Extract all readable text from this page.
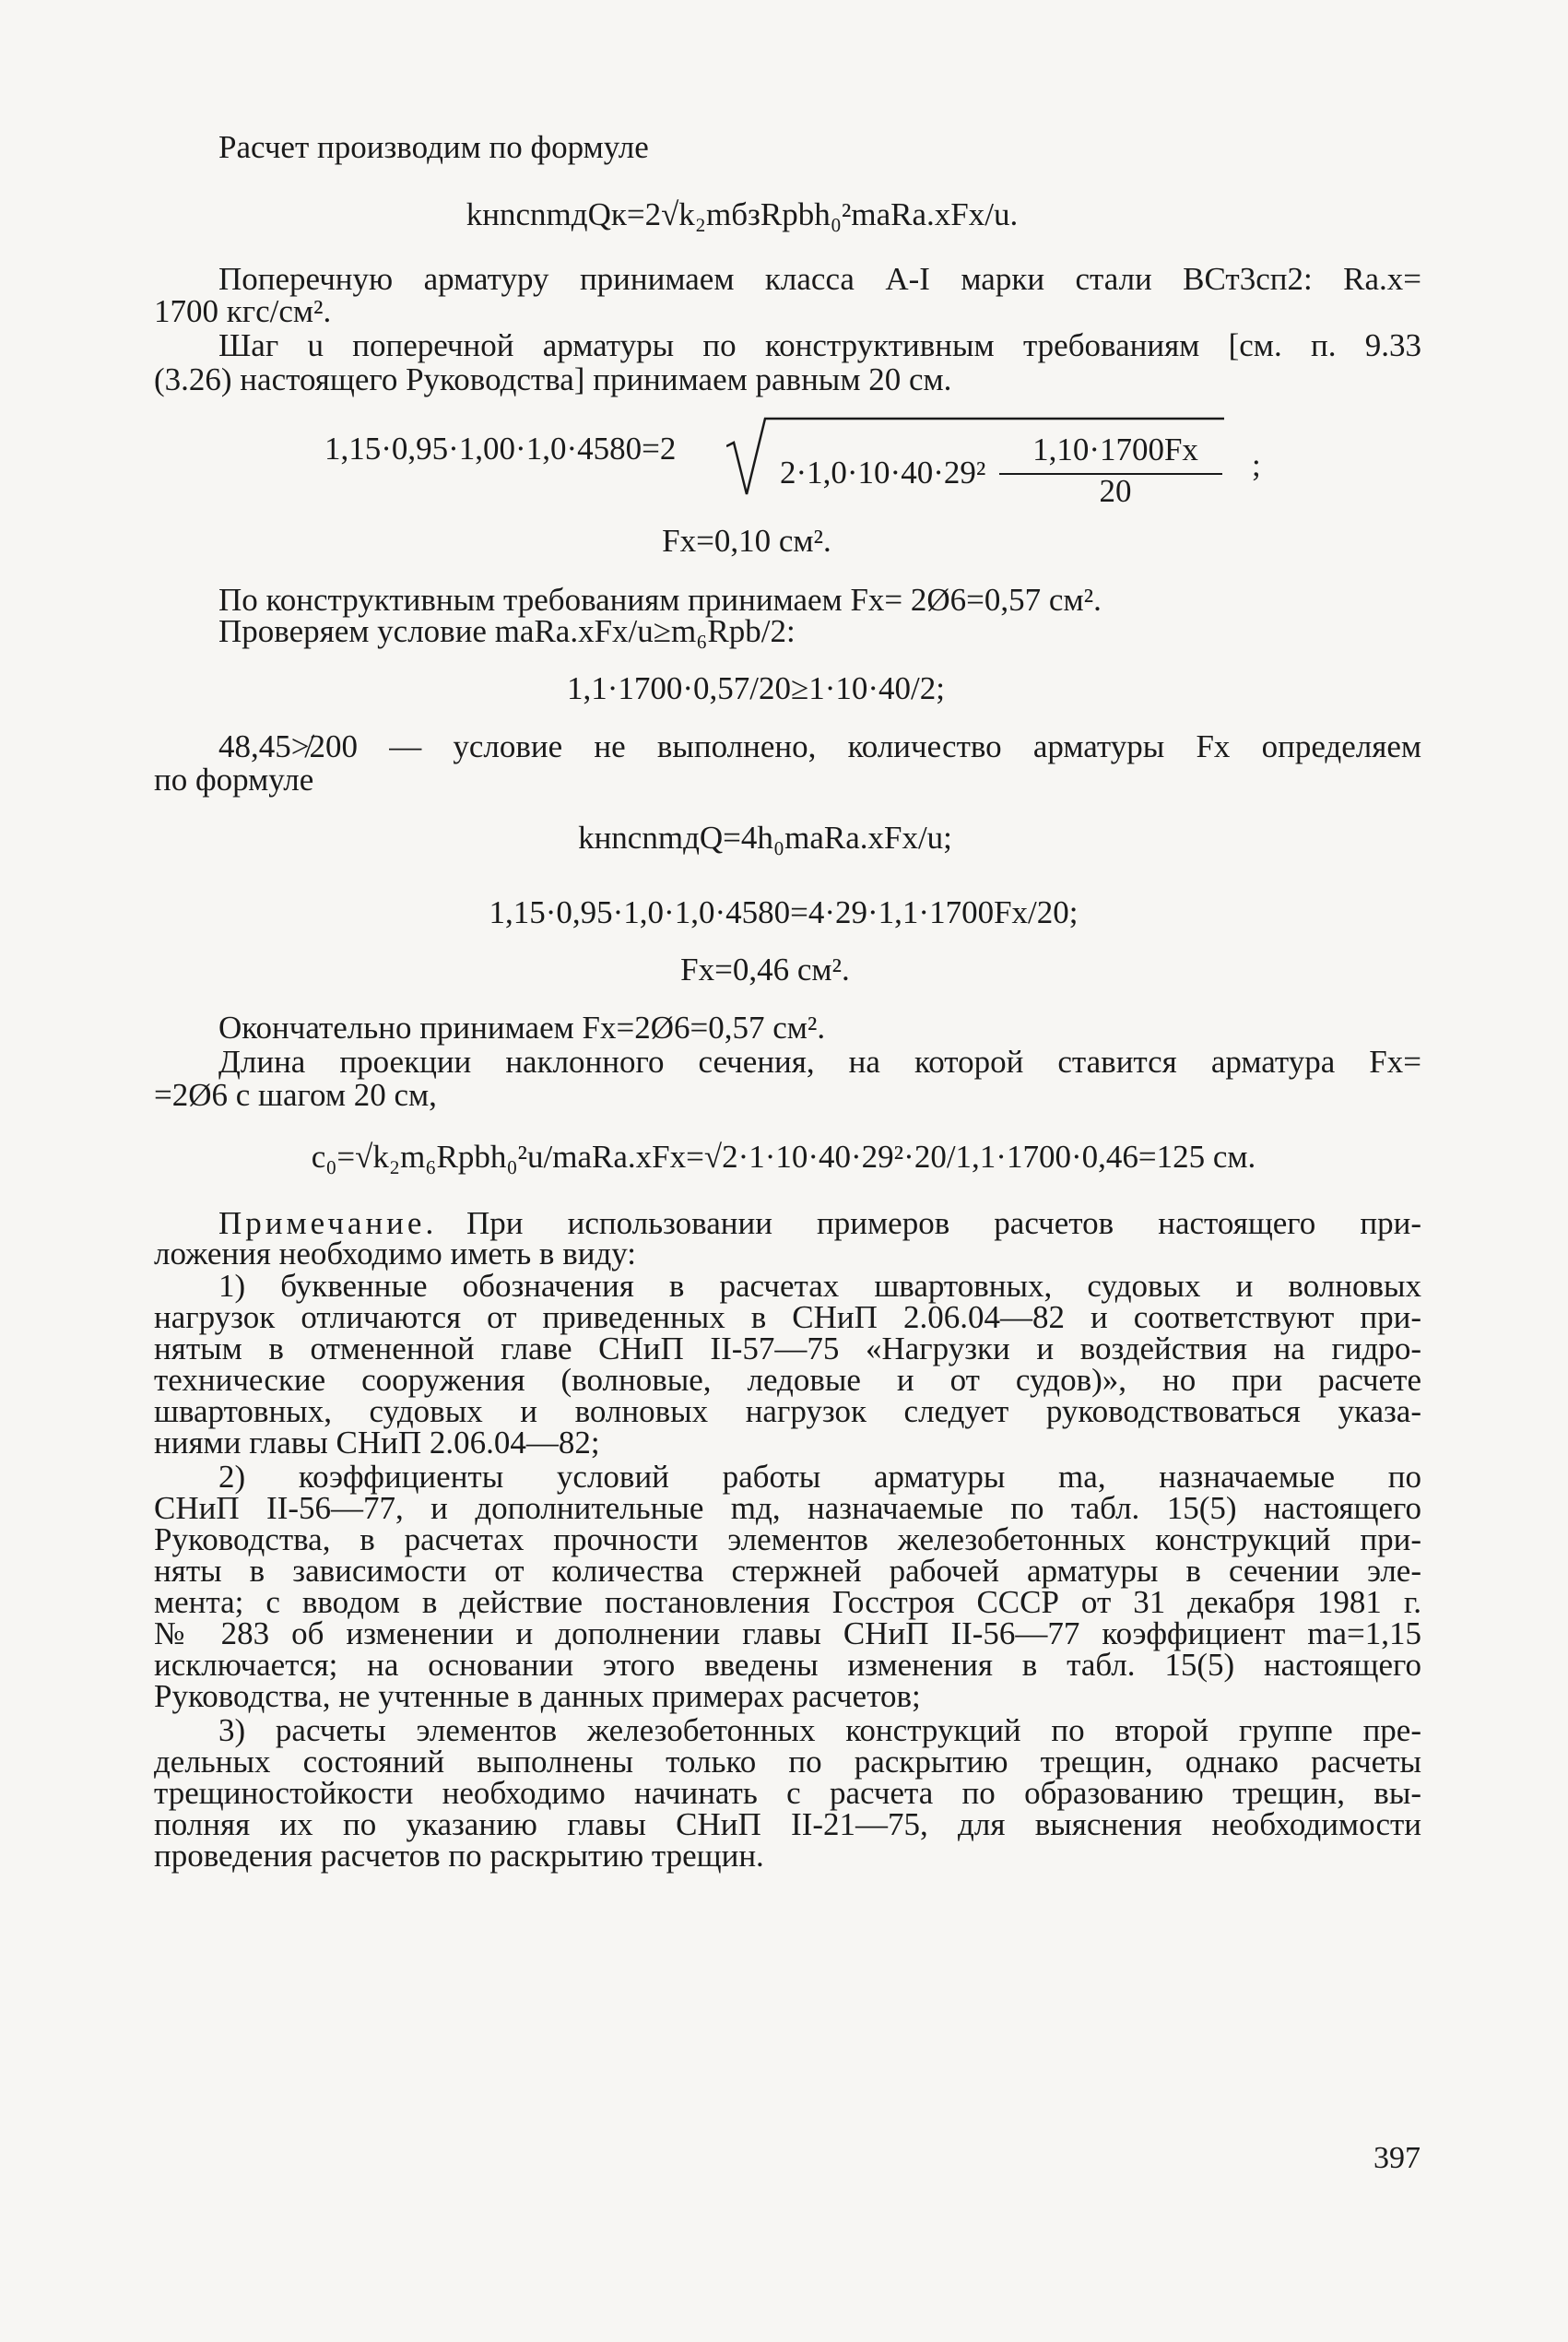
Расчет производим по формуле
kнnсnmдQк=2√k₂mбзRpbh₀²maRa.xFx/u.
Поперечную арматуру принимаем класса А-I марки стали ВСт3сп2: Ra.x=
1700 кгс/см².
Шаг u поперечной арматуры по конструктивным требованиям [см. п. 9.33
(3.26) настоящего Руководства] принимаем равным 20 см.
1,15·0,95·1,00·1,0·4580=2
2·1,0·10·40·29²
1,10·1700Fx
20
;
Fx=0,10 см².
По конструктивным требованиям принимаем Fx= 2Ø6=0,57 см².
Проверяем условие maRa.xFx/u≥m₆Rpb/2:
1,1·1700·0,57/20≥1·10·40/2;
48,45≯200 — условие не выполнено, количество арматуры Fx определяем
по формуле
kнnсnmдQ=4h₀maRa.xFx/u;
1,15·0,95·1,0·1,0·4580=4·29·1,1·1700Fx/20;
Fx=0,46 см².
Окончательно принимаем Fx=2Ø6=0,57 см².
Длина проекции наклонного сечения, на которой ставится арматура Fx=
=2Ø6 с шагом 20 см,
c₀=√k₂m₆Rpbh₀²u/maRa.xFx=√2·1·10·40·29²·20/1,1·1700·0,46=125 см.
Примечание. При использовании примеров расчетов настоящего при-
ложения необходимо иметь в виду:
1) буквенные обозначения в расчетах швартовных, судовых и волновых
нагрузок отличаются от приведенных в СНиП 2.06.04—82 и соответствуют при-
нятым в отмененной главе СНиП II-57—75 «Нагрузки и воздействия на гидро-
технические сооружения (волновые, ледовые и от судов)», но при расчете
швартовных, судовых и волновых нагрузок следует руководствоваться указа-
ниями главы СНиП 2.06.04—82;
2) коэффициенты условий работы арматуры ma, назначаемые по
СНиП II-56—77, и дополнительные mд, назначаемые по табл. 15(5) настоящего
Руководства, в расчетах прочности элементов железобетонных конструкций при-
няты в зависимости от количества стержней рабочей арматуры в сечении эле-
мента; с вводом в действие постановления Госстроя СССР от 31 декабря 1981 г.
№ 283 об изменении и дополнении главы СНиП II-56—77 коэффициент ma=1,15
исключается; на основании этого введены изменения в табл. 15(5) настоящего
Руководства, не учтенные в данных примерах расчетов;
3) расчеты элементов железобетонных конструкций по второй группе пре-
дельных состояний выполнены только по раскрытию трещин, однако расчеты
трещиностойкости необходимо начинать с расчета по образованию трещин, вы-
полняя их по указанию главы СНиП II-21—75, для выяснения необходимости
проведения расчетов по раскрытию трещин.
397
